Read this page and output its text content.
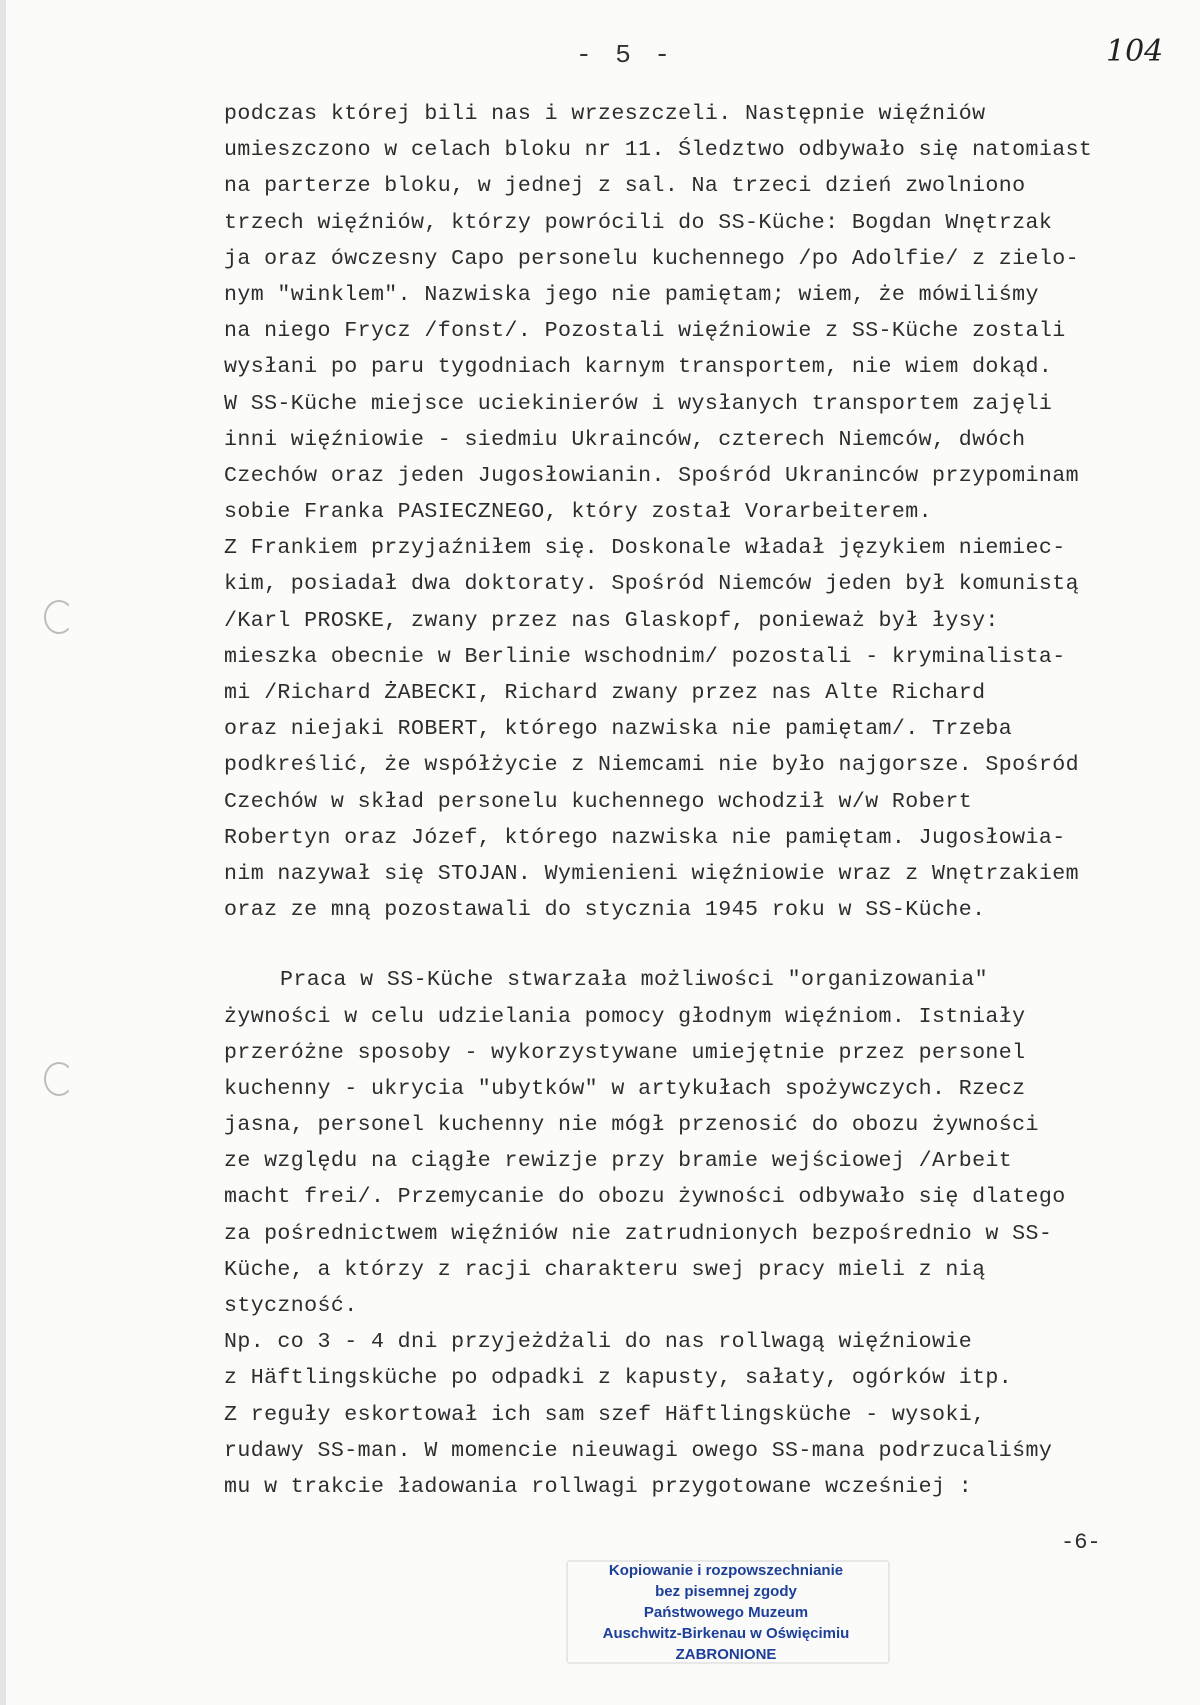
- 5 -	104
podczas której bili nas i wrzeszczeli. Następnie więźniów
umieszczono w celach bloku nr 11. Śledztwo odbywało się natomiast
na parterze bloku, w jednej z sal. Na trzeci dzień zwolniono
trzech więźniów, którzy powrócili do SS-Küche: Bogdan Wnętrzak
ja oraz ówczesny Capo personelu kuchennego /po Adolfie/ z zielo-
nym "winklem". Nazwiska jego nie pamiętam; wiem, że mówiliśmy
na niego Frycz /fonst/. Pozostali więźniowie z SS-Küche zostali
wysłani po paru tygodniach karnym transportem, nie wiem dokąd.
W SS-Küche miejsce uciekinierów i wysłanych transportem zajęli
inni więźniowie - siedmiu Ukrainców, czterech Niemców, dwóch
Czechów oraz jeden Jugosłowianin. Spośród Ukraninców przypominam
sobie Franka PASIECZNEGO, który został Vorarbeiterem.
Z Frankiem przyjaźniłem się. Doskonale władał językiem niemiec-
kim, posiadał dwa doktoraty. Spośród Niemców jeden był komunistą
/Karl PROSKE, zwany przez nas Glaskopf, ponieważ był łysy:
mieszka obecnie w Berlinie wschodnim/ pozostali - kryminalista-
mi /Richard ŻABECKI, Richard zwany przez nas Alte Richard
oraz niejaki ROBERT, którego nazwiska nie pamiętam/. Trzeba
podkreślić, że współżycie z Niemcami nie było najgorsze. Spośród
Czechów w skład personelu kuchennego wchodził w/w Robert
Robertyn oraz Józef, którego nazwiska nie pamiętam. Jugosłowia-
nim nazywał się STOJAN. Wymienieni więźniowie wraz z Wnętrzakiem
oraz ze mną pozostawali do stycznia 1945 roku w SS-Küche.
Praca w SS-Küche stwarzała możliwości "organizowania"
żywności w celu udzielania pomocy głodnym więźniom. Istniały
przeróżne sposoby - wykorzystywane umiejętnie przez personel
kuchenny - ukrycia "ubytków" w artykułach spożywczych. Rzecz
jasna, personel kuchenny nie mógł przenosić do obozu żywności
ze względu na ciągłe rewizje przy bramie wejściowej /Arbeit
macht frei/. Przemycanie do obozu żywności odbywało się dlatego
za pośrednictwem więźniów nie zatrudnionych bezpośrednio w SS-
Küche, a którzy z racji charakteru swej pracy mieli z nią
styczność.
Np. co 3 - 4 dni przyjeżdżali do nas rollwagą więźniowie
z Häftlingsküche po odpadki z kapusty, sałaty, ogórków itp.
Z reguły eskortował ich sam szef Häftlingsküche - wysoki,
rudawy SS-man. W momencie nieuwagi owego SS-mana podrzucaliśmy
mu w trakcie ładowania rollwagi przygotowane wcześniej :
-6-
Kopiowanie i rozpowszechnianie
bez pisemnej zgody
Państwowego Muzeum
Auschwitz-Birkenau w Oświęcimiu
ZABRONIONE
